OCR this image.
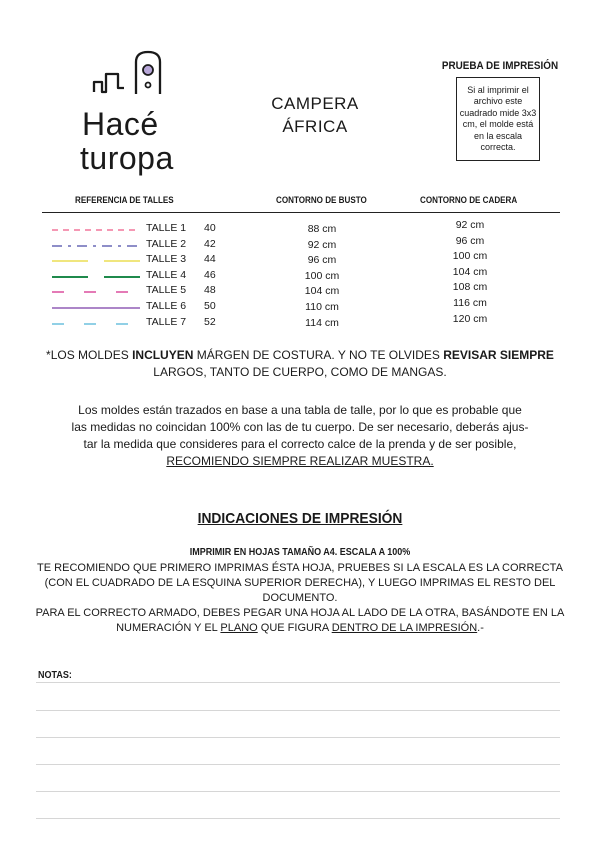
Hacé
turopa
CAMPERA
ÁFRICA
PRUEBA DE IMPRESIÓN
Si al imprimir el archivo este cuadrado mide 3x3 cm, el molde está en la escala correcta.
REFERENCIA DE TALLES	CONTORNO DE BUSTO	CONTORNO DE CADERA
TALLE 1 40	88 cm	92 cm
TALLE 2 42	92 cm	96 cm
TALLE 3 44	96 cm	100 cm
TALLE 4 46	100 cm	104 cm
TALLE 5 48	104 cm	108 cm
TALLE 6 50	110 cm	116 cm
TALLE 7 52	114 cm	120 cm
*LOS MOLDES INCLUYEN MÁRGEN DE COSTURA. Y NO TE OLVIDES REVISAR SIEMPRE
LARGOS, TANTO DE CUERPO, COMO DE MANGAS.
Los moldes están trazados en base a una tabla de talle, por lo que es probable que
las medidas no coincidan 100% con las de tu cuerpo. De ser necesario, deberás ajus-
tar la medida que consideres para el correcto calce de la prenda y de ser posible,
RECOMIENDO SIEMPRE REALIZAR MUESTRA.
INDICACIONES DE IMPRESIÓN
IMPRIMIR EN HOJAS TAMAÑO A4. ESCALA A 100%
TE RECOMIENDO QUE PRIMERO IMPRIMAS ÉSTA HOJA, PRUEBES SI LA ESCALA ES LA CORRECTA
(CON EL CUADRADO DE LA ESQUINA SUPERIOR DERECHA), Y LUEGO IMPRIMAS EL RESTO DEL
DOCUMENTO.
PARA EL CORRECTO ARMADO, DEBES PEGAR UNA HOJA AL LADO DE LA OTRA, BASÁNDOTE EN LA
NUMERACIÓN Y EL PLANO QUE FIGURA DENTRO DE LA IMPRESIÓN.-
NOTAS:
